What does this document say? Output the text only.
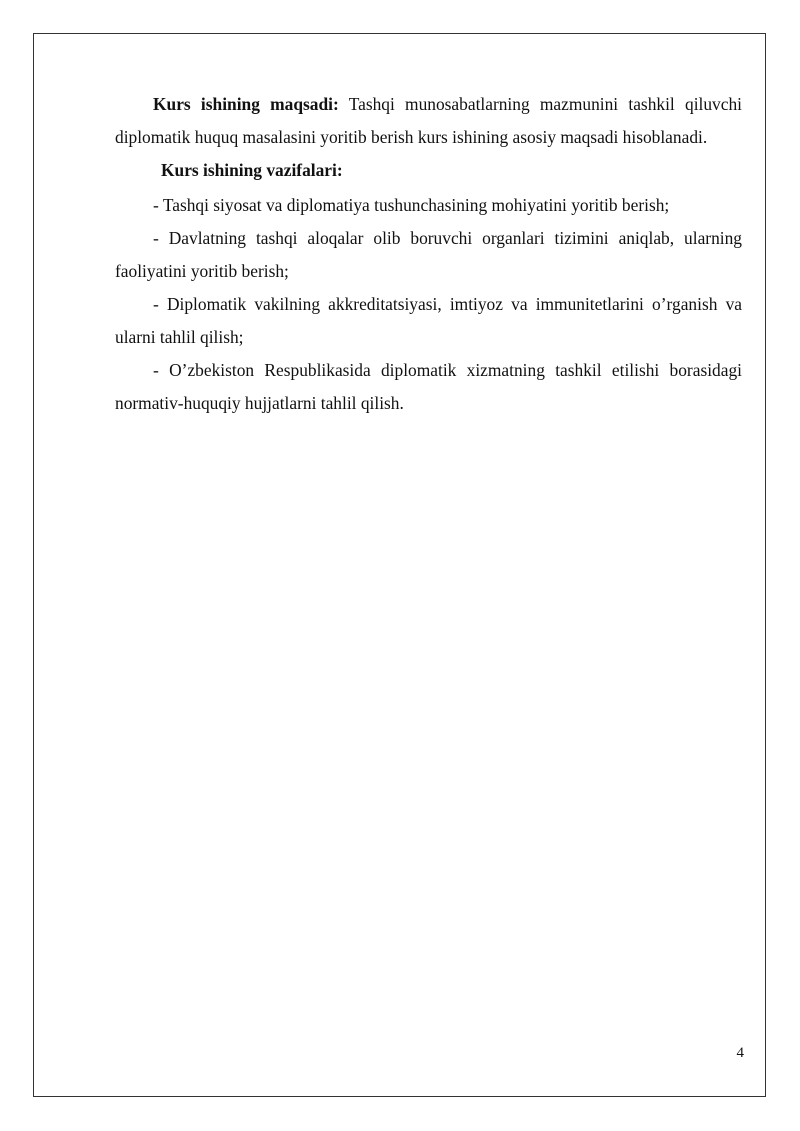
Kurs ishining maqsadi: Tashqi munosabatlarning mazmunini tashkil qiluvchi diplomatik huquq masalasini yoritib berish kurs ishining asosiy maqsadi hisoblanadi.

Kurs ishining vazifalari:

- Tashqi siyosat va diplomatiya tushunchasining mohiyatini yoritib berish;

- Davlatning tashqi aloqalar olib boruvchi organlari tizimini aniqlab, ularning faoliyatini yoritib berish;

- Diplomatik vakilning akkreditatsiyasi, imtiyoz va immunitetlarini o’rganish va ularni tahlil qilish;

- O’zbekiston Respublikasida diplomatik xizmatning tashkil etilishi borasidagi normativ-huquqiy hujjatlarni tahlil qilish.

4
